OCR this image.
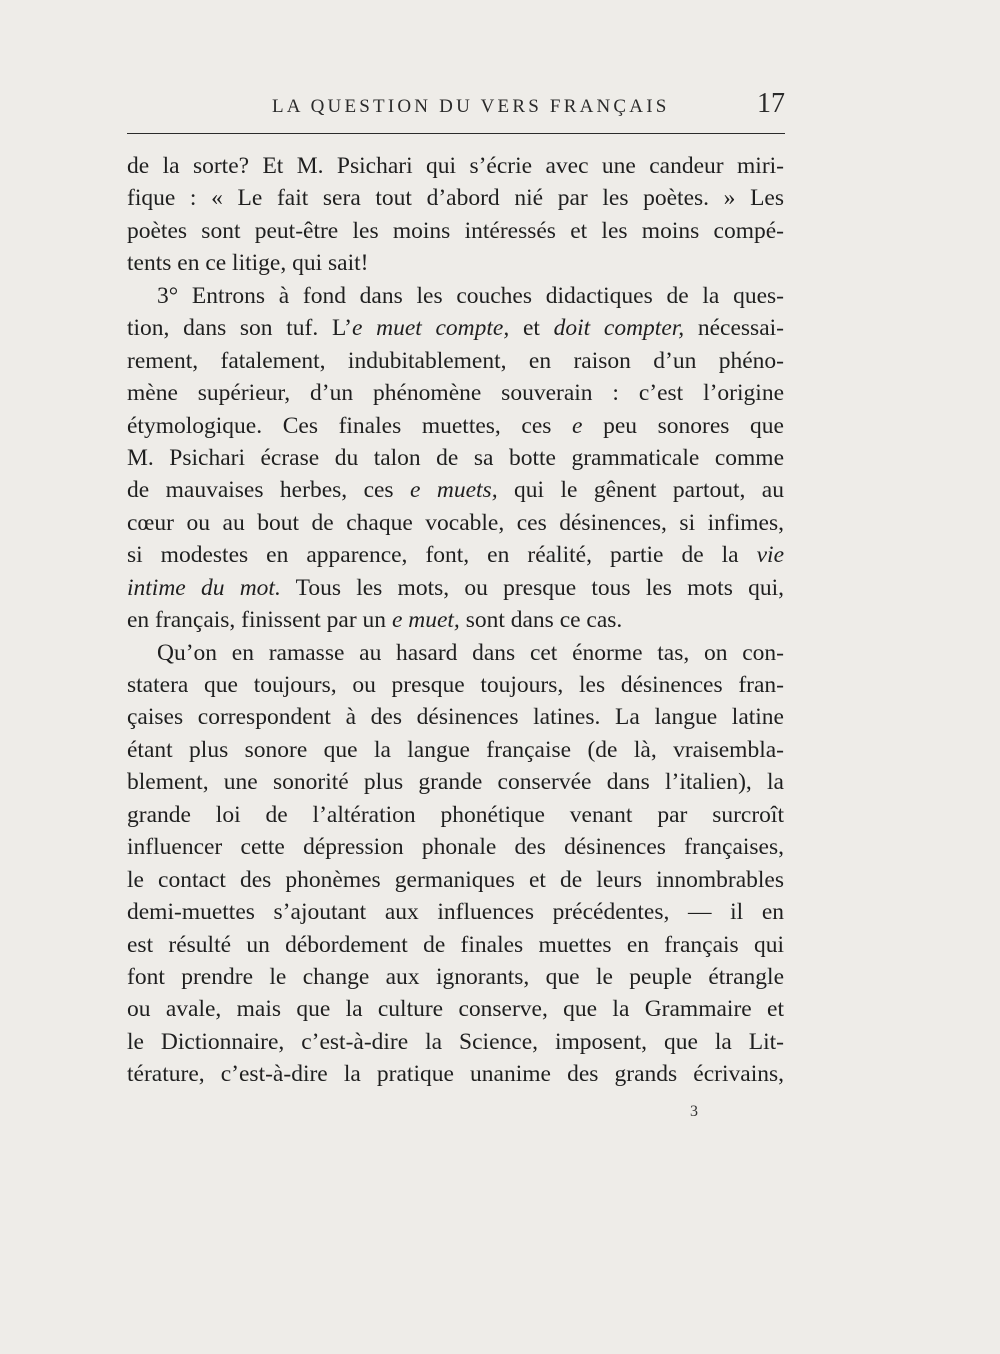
LA QUESTION DU VERS FRANÇAIS	17
de la sorte? Et M. Psichari qui s’écrie avec une candeur miri-
fique : « Le fait sera tout d’abord nié par les poètes. » Les
poètes sont peut-être les moins intéressés et les moins compé-
tents en ce litige, qui sait!
3° Entrons à fond dans les couches didactiques de la ques-
tion, dans son tuf. L’e muet compte, et doit compter, nécessai-
rement, fatalement, indubitablement, en raison d’un phéno-
mène supérieur, d’un phénomène souverain : c’est l’origine
étymologique. Ces finales muettes, ces e peu sonores que
M. Psichari écrase du talon de sa botte grammaticale comme
de mauvaises herbes, ces e muets, qui le gênent partout, au
cœur ou au bout de chaque vocable, ces désinences, si infimes,
si modestes en apparence, font, en réalité, partie de la vie
intime du mot. Tous les mots, ou presque tous les mots qui,
en français, finissent par un e muet, sont dans ce cas.
Qu’on en ramasse au hasard dans cet énorme tas, on con-
statera que toujours, ou presque toujours, les désinences fran-
çaises correspondent à des désinences latines. La langue latine
étant plus sonore que la langue française (de là, vraisembla-
blement, une sonorité plus grande conservée dans l’italien), la
grande loi de l’altération phonétique venant par surcroît
influencer cette dépression phonale des désinences françaises,
le contact des phonèmes germaniques et de leurs innombrables
demi-muettes s’ajoutant aux influences précédentes, — il en
est résulté un débordement de finales muettes en français qui
font prendre le change aux ignorants, que le peuple étrangle
ou avale, mais que la culture conserve, que la Grammaire et
le Dictionnaire, c’est-à-dire la Science, imposent, que la Lit-
térature, c’est-à-dire la pratique unanime des grands écrivains,
3
